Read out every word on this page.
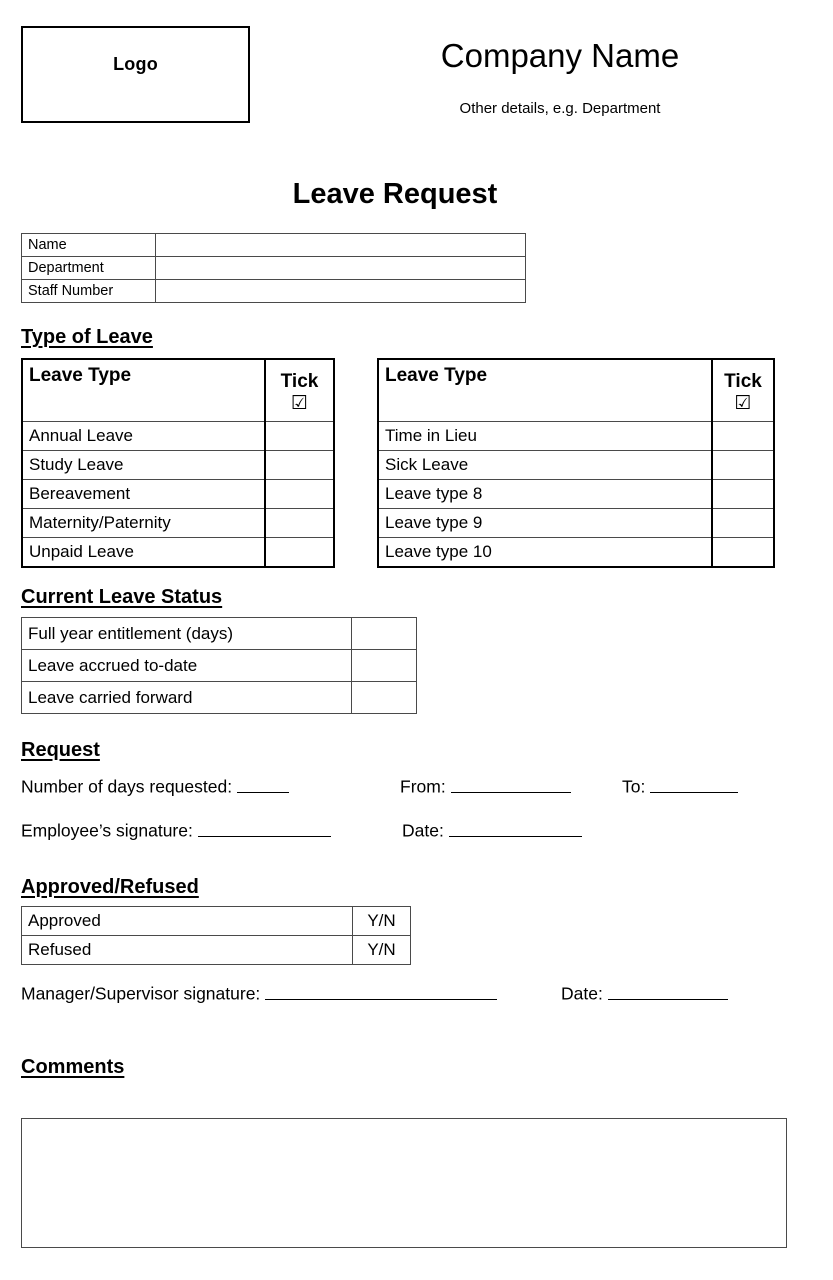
Logo	Company Name
Other details, e.g. Department
Leave Request
Name	
Department	
Staff Number	
Type of Leave
Leave Type	Tick
☑

Annual Leave	
Study Leave	
Bereavement	
Maternity/Paternity	
Unpaid Leave	
Leave Type	Tick
☑

Time in Lieu	
Sick Leave	
Leave type 8	
Leave type 9	
Leave type 10	
Current Leave Status
Full year entitlement (days)	
Leave accrued to-date	
Leave carried forward	
Request
Number of days requested:	From:	To:
Employee’s signature:	Date:
Approved/Refused
Approved	Y/N
Refused	Y/N
Manager/Supervisor signature:	Date:
Comments
